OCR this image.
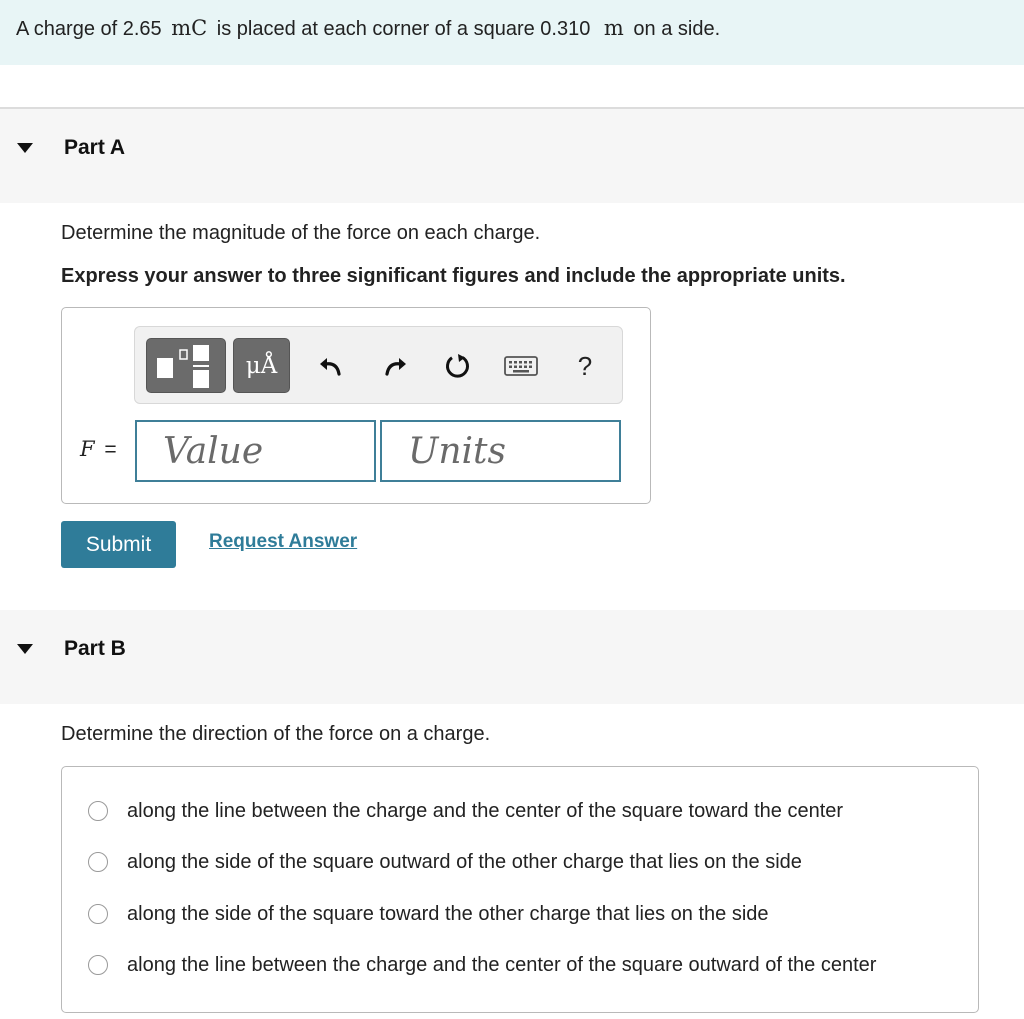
A charge of 2.65 mC is placed at each corner of a square 0.310 m on a side.
Part A
Determine the magnitude of the force on each charge.
Express your answer to three significant figures and include the appropriate units.
μÅ	?
F =
Value
Units
Submit	Request Answer
Part B
Determine the direction of the force on a charge.
along the line between the charge and the center of the square toward the center
along the side of the square outward of the other charge that lies on the side
along the side of the square toward the other charge that lies on the side
along the line between the charge and the center of the square outward of the center
